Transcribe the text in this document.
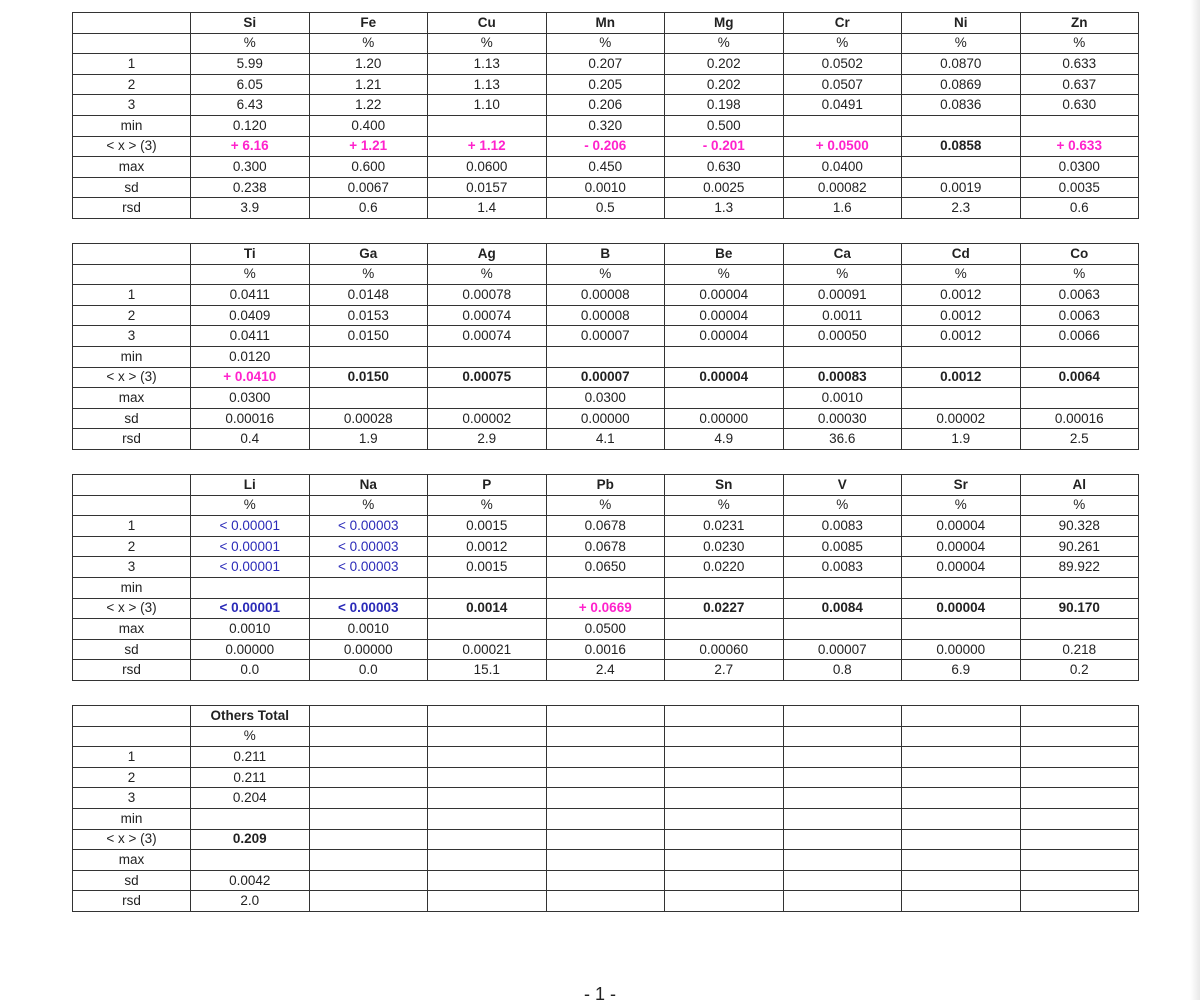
	Si	Fe	Cu	Mn	Mg	Cr	Ni	Zn
	%	%	%	%	%	%	%	%
1	5.99	1.20	1.13	0.207	0.202	0.0502	0.0870	0.633
2	6.05	1.21	1.13	0.205	0.202	0.0507	0.0869	0.637
3	6.43	1.22	1.10	0.206	0.198	0.0491	0.0836	0.630
min	0.120	0.400		0.320	0.500			
< x > (3)	+ 6.16	+ 1.21	+ 1.12	- 0.206	- 0.201	+ 0.0500	0.0858	+ 0.633
max	0.300	0.600	0.0600	0.450	0.630	0.0400		0.0300
sd	0.238	0.0067	0.0157	0.0010	0.0025	0.00082	0.0019	0.0035
rsd	3.9	0.6	1.4	0.5	1.3	1.6	2.3	0.6
	Ti	Ga	Ag	B	Be	Ca	Cd	Co
	%	%	%	%	%	%	%	%
1	0.0411	0.0148	0.00078	0.00008	0.00004	0.00091	0.0012	0.0063
2	0.0409	0.0153	0.00074	0.00008	0.00004	0.0011	0.0012	0.0063
3	0.0411	0.0150	0.00074	0.00007	0.00004	0.00050	0.0012	0.0066
min	0.0120							
< x > (3)	+ 0.0410	0.0150	0.00075	0.00007	0.00004	0.00083	0.0012	0.0064
max	0.0300			0.0300		0.0010		
sd	0.00016	0.00028	0.00002	0.00000	0.00000	0.00030	0.00002	0.00016
rsd	0.4	1.9	2.9	4.1	4.9	36.6	1.9	2.5
	Li	Na	P	Pb	Sn	V	Sr	Al
	%	%	%	%	%	%	%	%
1	< 0.00001	< 0.00003	0.0015	0.0678	0.0231	0.0083	0.00004	90.328
2	< 0.00001	< 0.00003	0.0012	0.0678	0.0230	0.0085	0.00004	90.261
3	< 0.00001	< 0.00003	0.0015	0.0650	0.0220	0.0083	0.00004	89.922
min								
< x > (3)	< 0.00001	< 0.00003	0.0014	+ 0.0669	0.0227	0.0084	0.00004	90.170
max	0.0010	0.0010		0.0500				
sd	0.00000	0.00000	0.00021	0.0016	0.00060	0.00007	0.00000	0.218
rsd	0.0	0.0	15.1	2.4	2.7	0.8	6.9	0.2
	Others Total							
	%							
1	0.211							
2	0.211							
3	0.204							
min								
< x > (3)	0.209							
max								
sd	0.0042							
rsd	2.0							
- 1 -
